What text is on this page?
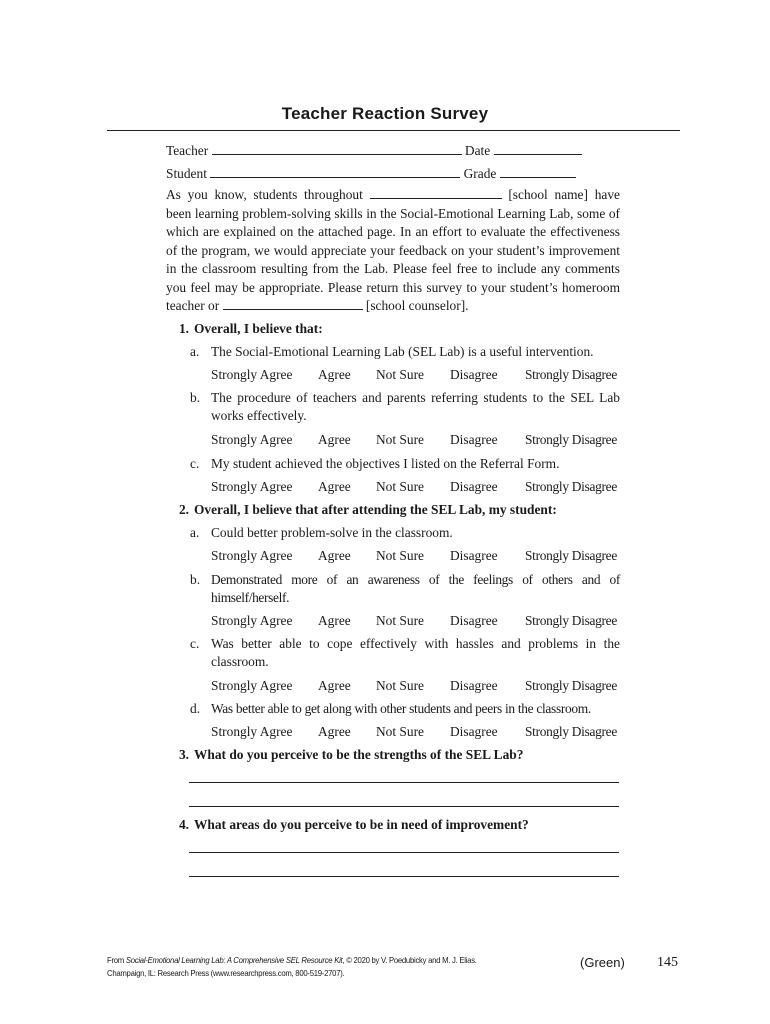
Teacher Reaction Survey
Teacher	Date
Student	Grade
As you know, students throughout	[school name] have been learning problem-solving skills in the Social-Emotional Learning Lab, some of which are explained on the attached page. In an effort to evaluate the effectiveness of the program, we would appreciate your feedback on your student’s improvement in the classroom resulting from the Lab. Please feel free to include any comments you feel may be appropriate. Please return this survey to your student’s homeroom teacher or	[school counselor].
1. Overall, I believe that:
a. The Social-Emotional Learning Lab (SEL Lab) is a useful intervention.
Strongly Agree Agree Not Sure Disagree Strongly Disagree
b. The procedure of teachers and parents referring students to the SEL Lab works effectively.
Strongly Agree Agree Not Sure Disagree Strongly Disagree
c. My student achieved the objectives I listed on the Referral Form.
Strongly Agree Agree Not Sure Disagree Strongly Disagree
2. Overall, I believe that after attending the SEL Lab, my student:
a. Could better problem-solve in the classroom.
Strongly Agree Agree Not Sure Disagree Strongly Disagree
b. Demonstrated more of an awareness of the feelings of others and of himself/herself.
Strongly Agree Agree Not Sure Disagree Strongly Disagree
c. Was better able to cope effectively with hassles and problems in the classroom.
Strongly Agree Agree Not Sure Disagree Strongly Disagree
d. Was better able to get along with other students and peers in the classroom.
Strongly Agree Agree Not Sure Disagree Strongly Disagree
3. What do you perceive to be the strengths of the SEL Lab?
4. What areas do you perceive to be in need of improvement?
From Social-Emotional Learning Lab: A Comprehensive SEL Resource Kit, © 2020 by V. Poedubicky and M. J. Elias.
Champaign, IL: Research Press (www.researchpress.com, 800-519-2707).
(Green) 145
